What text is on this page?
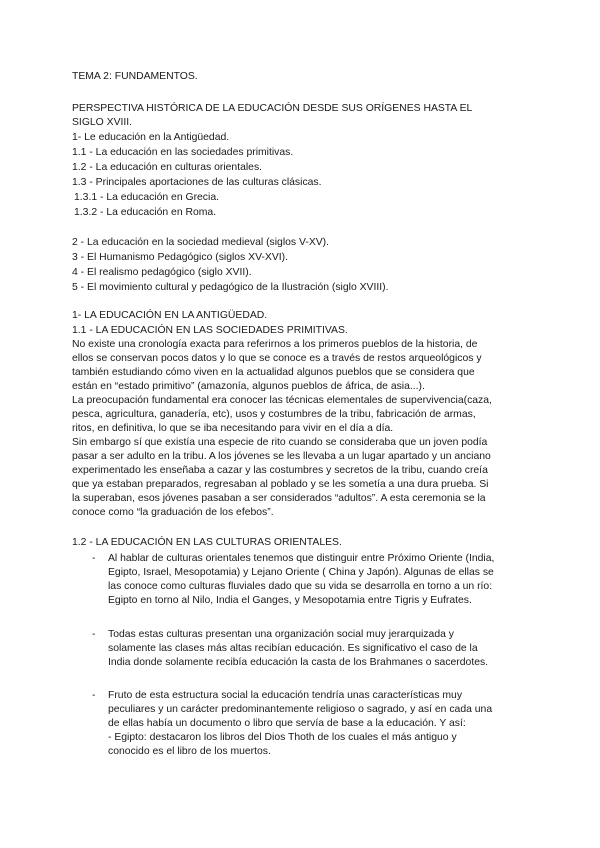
TEMA 2: FUNDAMENTOS.
PERSPECTIVA HISTÓRICA DE LA EDUCACIÓN DESDE SUS ORÍGENES HASTA EL
SIGLO XVIII.
1- Le educación en la Antigüedad.
1.1 - La educación en las sociedades primitivas.
1.2 - La educación en culturas orientales.
1.3 - Principales aportaciones de las culturas clásicas.
1.3.1 - La educación en Grecia.
1.3.2 - La educación en Roma.
2 - La educación en la sociedad medieval (siglos V-XV).
3 - El Humanismo Pedagógico (siglos XV-XVI).
4 - El realismo pedagógico (siglo XVII).
5 - El movimiento cultural y pedagógico de la Ilustración (siglo XVIII).
1- LA EDUCACIÓN EN LA ANTIGÜEDAD.
1.1 - LA EDUCACIÓN EN LAS SOCIEDADES PRIMITIVAS.
No existe una cronología exacta para referirnos a los primeros pueblos de la historia, de
ellos se conservan pocos datos y lo que se conoce es a través de restos arqueológicos y
también estudiando cómo viven en la actualidad algunos pueblos que se considera que
están en “estado primitivo” (amazonía, algunos pueblos de áfrica, de asia...).
La preocupación fundamental era conocer las técnicas elementales de supervivencia(caza,
pesca, agricultura, ganadería, etc), usos y costumbres de la tribu, fabricación de armas,
ritos, en definitiva, lo que se iba necesitando para vivir en el día a día.
Sin embargo sí que existía una especie de rito cuando se consideraba que un joven podía
pasar a ser adulto en la tribu. A los jóvenes se les llevaba a un lugar apartado y un anciano
experimentado les enseñaba a cazar y las costumbres y secretos de la tribu, cuando creía
que ya estaban preparados, regresaban al poblado y se les sometía a una dura prueba. Si
la superaban, esos jóvenes pasaban a ser considerados “adultos”. A esta ceremonia se la
conoce como “la graduación de los efebos”.
1.2 - LA EDUCACIÓN EN LAS CULTURAS ORIENTALES.
- Al hablar de culturas orientales tenemos que distinguir entre Próximo Oriente (India,
Egipto, Israel, Mesopotamia) y Lejano Oriente ( China y Japón). Algunas de ellas se
las conoce como culturas fluviales dado que su vida se desarrolla en torno a un río:
Egipto en torno al Nilo, India el Ganges, y Mesopotamia entre Tigris y Eufrates.
- Todas estas culturas presentan una organización social muy jerarquizada y
solamente las clases más altas recibían educación. Es significativo el caso de la
India donde solamente recibía educación la casta de los Brahmanes o sacerdotes.
- Fruto de esta estructura social la educación tendría unas características muy
peculiares y un carácter predominantemente religioso o sagrado, y así en cada una
de ellas había un documento o libro que servía de base a la educación. Y así:
- Egipto: destacaron los libros del Dios Thoth de los cuales el más antiguo y
conocido es el libro de los muertos.
